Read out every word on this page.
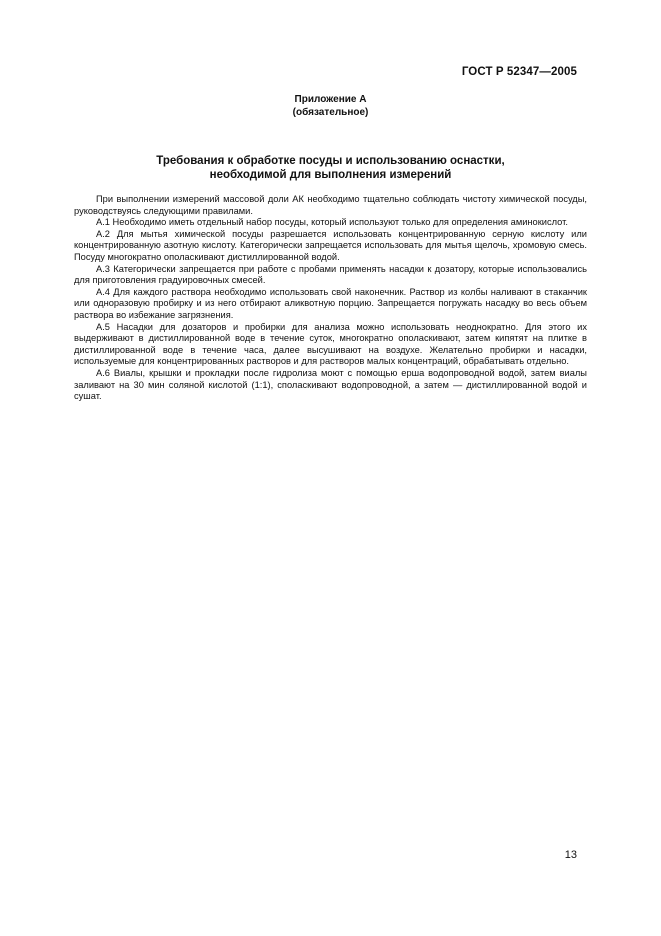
ГОСТ Р 52347—2005
Приложение А
(обязательное)
Требования к обработке посуды и использованию оснастки,
необходимой для выполнения измерений

При выполнении измерений массовой доли АК необходимо тщательно соблюдать чистоту химической посуды, руководствуясь следующими правилами.

А.1 Необходимо иметь отдельный набор посуды, который используют только для определения аминокислот.

А.2 Для мытья химической посуды разрешается использовать концентрированную серную кислоту или концентрированную азотную кислоту. Категорически запрещается использовать для мытья щелочь, хромовую смесь. Посуду многократно ополаскивают дистиллированной водой.

А.3 Категорически запрещается при работе с пробами применять насадки к дозатору, которые использовались для приготовления градуировочных смесей.

А.4 Для каждого раствора необходимо использовать свой наконечник. Раствор из колбы наливают в стаканчик или одноразовую пробирку и из него отбирают аликвотную порцию. Запрещается погружать насадку во весь объем раствора во избежание загрязнения.

А.5 Насадки для дозаторов и пробирки для анализа можно использовать неоднократно. Для этого их выдерживают в дистиллированной воде в течение суток, многократно ополаскивают, затем кипятят на плитке в дистиллированной воде в течение часа, далее высушивают на воздухе. Желательно пробирки и насадки, используемые для концентрированных растворов и для растворов малых концентраций, обрабатывать отдельно.

А.6 Виалы, крышки и прокладки после гидролиза моют с помощью ерша водопроводной водой, затем виалы заливают на 30 мин соляной кислотой (1:1), споласкивают водопроводной, а затем — дистиллированной водой и сушат.

13
